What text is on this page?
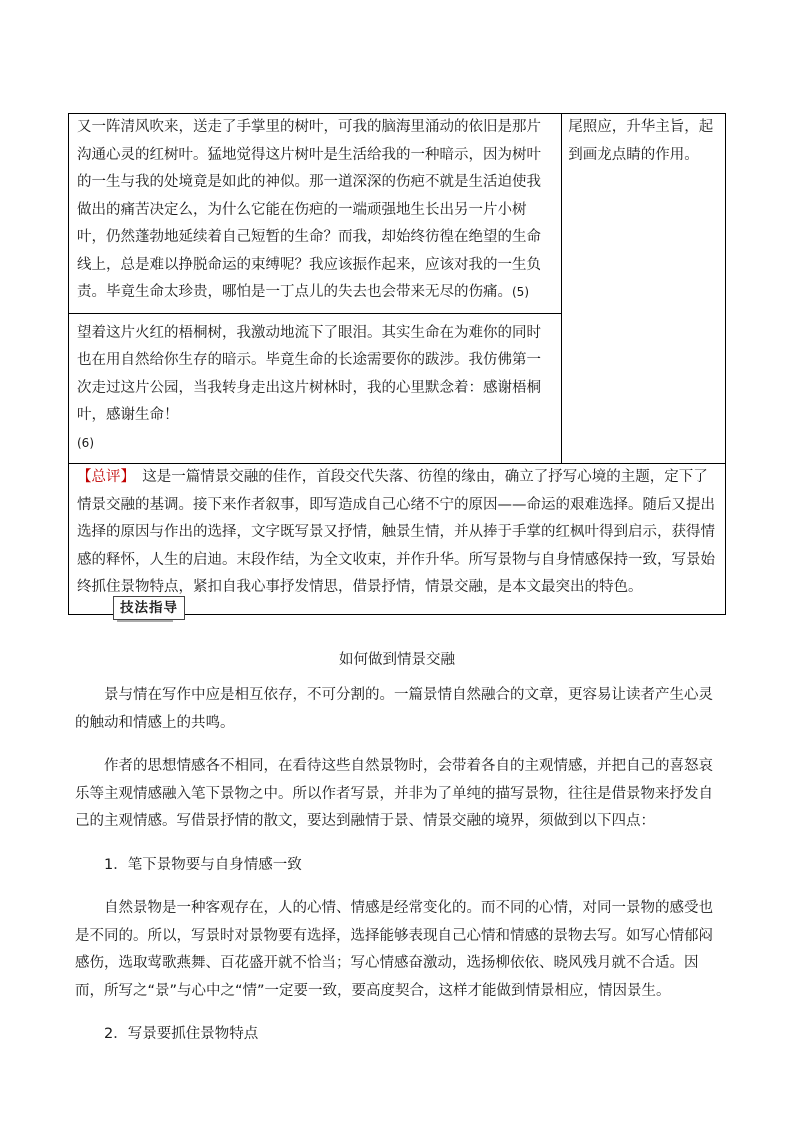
又一阵清风吹来，送走了手掌里的树叶，可我的脑海里涌动的依旧是那片沟通心灵的红树叶。猛地觉得这片树叶是生活给我的一种暗示，因为树叶的一生与我的处境竟是如此的神似。那一道深深的伤疤不就是生活迫使我做出的痛苦决定么，为什么它能在伤疤的一端顽强地生长出另一片小树叶，仍然蓬勃地延续着自己短暂的生命？而我，却始终彷徨在绝望的生命线上，总是难以挣脱命运的束缚呢？我应该振作起来，应该对我的一生负责。毕竟生命太珍贵，哪怕是一丁点儿的失去也会带来无尽的伤痛。(5)

望着这片火红的梧桐树，我激动地流下了眼泪。其实生命在为难你的同时也在用自然给你生存的暗示。毕竟生命的长途需要你的跋涉。我仿佛第一次走过这片公园，当我转身走出这片树林时，我的心里默念着：感谢梧桐叶，感谢生命！
(6)

尾照应，升华主旨，起到画龙点睛的作用。

【总评】　这是一篇情景交融的佳作，首段交代失落、彷徨的缘由，确立了抒写心境的主题，定下了情景交融的基调。接下来作者叙事，即写造成自己心绪不宁的原因——命运的艰难选择。随后又提出选择的原因与作出的选择，文字既写景又抒情，触景生情，并从捧于手掌的红枫叶得到启示，获得情感的释怀，人生的启迪。末段作结，为全文收束，并作升华。所写景物与自身情感保持一致，写景始终抓住景物特点，紧扣自我心事抒发情思，借景抒情，情景交融，是本文最突出的特色。

技法指导
如何做到情景交融

景与情在写作中应是相互依存，不可分割的。一篇景情自然融合的文章，更容易让读者产生心灵的触动和情感上的共鸣。

作者的思想情感各不相同，在看待这些自然景物时，会带着各自的主观情感，并把自己的喜怒哀乐等主观情感融入笔下景物之中。所以作者写景，并非为了单纯的描写景物，往往是借景物来抒发自己的主观情感。写借景抒情的散文，要达到融情于景、情景交融的境界，须做到以下四点：

1．笔下景物要与自身情感一致

自然景物是一种客观存在，人的心情、情感是经常变化的。而不同的心情，对同一景物的感受也是不同的。所以，写景时对景物要有选择，选择能够表现自己心情和情感的景物去写。如写心情郁闷感伤，选取莺歌燕舞、百花盛开就不恰当；写心情感奋激动，选扬柳依依、晓风残月就不合适。因而，所写之“景”与心中之“情”一定要一致，要高度契合，这样才能做到情景相应，情因景生。

2．写景要抓住景物特点
